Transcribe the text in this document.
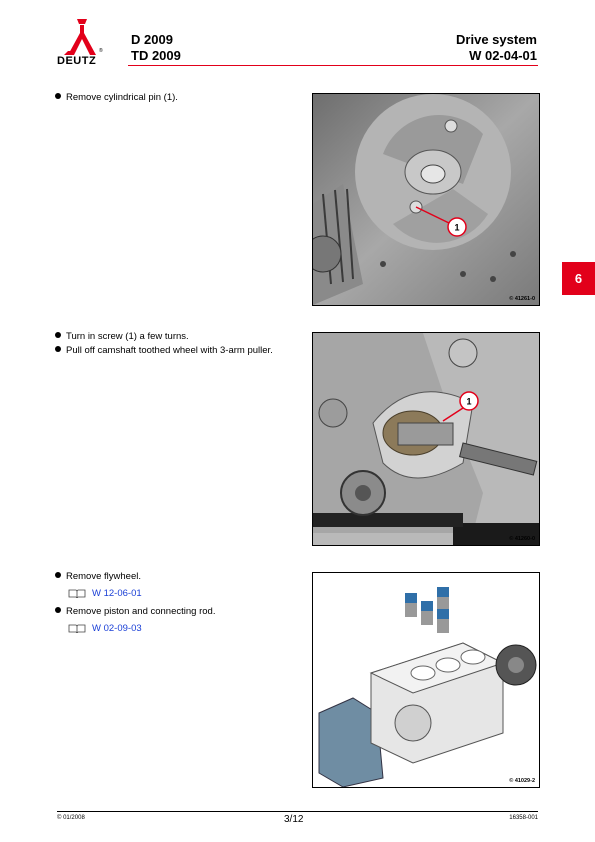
®
DEUTZ
D 2009
TD 2009
Drive system
W 02-04-01
Remove cylindrical pin (1).
1
© 41261-0
Turn in screw (1) a few turns.
Pull off camshaft toothed wheel with 3-arm puller.
1
© 41260-0
Remove flywheel.
W 12-06-01
Remove piston and connecting rod.
W 02-09-03
© 41029-2
6
© 01/2008	3/12	16358-001
